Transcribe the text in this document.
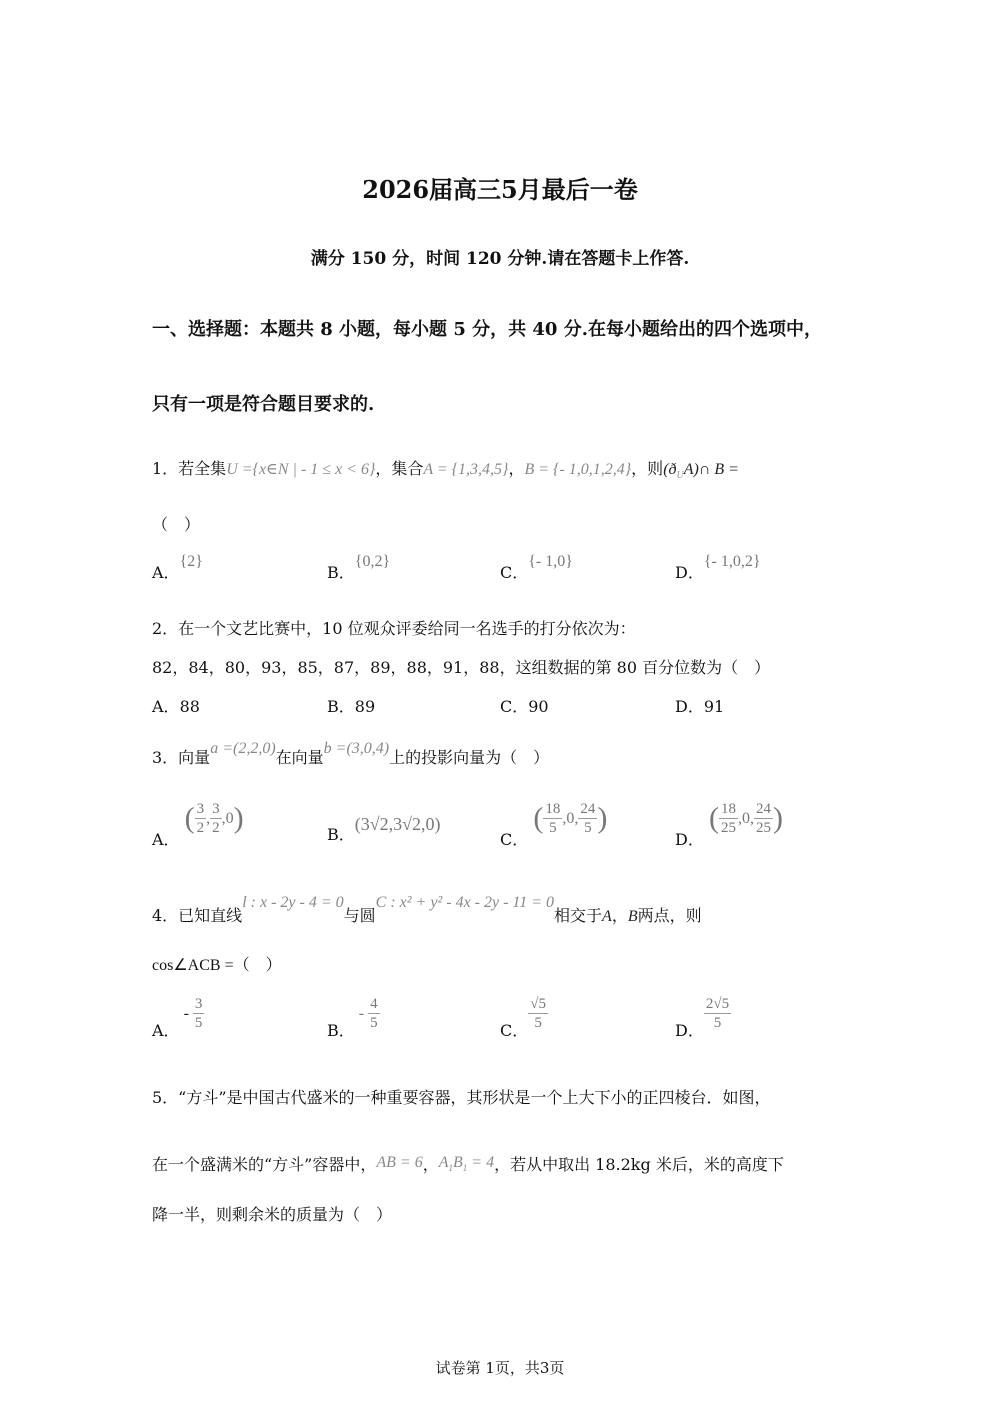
2026届高三5月最后一卷
满分 150 分，时间 120 分钟.请在答题卡上作答.
一、选择题：本题共 8 小题，每小题 5 分，共 40 分.在每小题给出的四个选项中，
只有一项是符合题目要求的.
1．若全集U ={x∈N | - 1 ≤ x < 6}，集合A = {1,3,4,5}，B = {- 1,0,1,2,4}，则$(ð_UA)\cap$ B =
（　）
A．{2}
B．{0,2}
C．{- 1,0}
D．{- 1,0,2}
2．在一个文艺比赛中，10 位观众评委给同一名选手的打分依次为：
82，84，80，93，85，87，89，88，91，88，这组数据的第 80 百分位数为（　）
A．88	B．89	C．90	D．91
3．向量a =(2,2,0)在向量b =(3,0,4)上的投影向量为（　）
A． ( $\frac{3}{2}$ , $\frac{3}{2} ,0$)	B．(3√2,3√2,0)
C． ( $\frac{18}{5} ,0$, $\frac{24}{5}$ )
D． ( $\frac{18}{25} ,0$, $\frac{24}{25}$ )
4．已知直线l : x - 2y - 4 = 0与圆C : x² + y² - 4x - 2y - 11 = 0相交于A，B两点，则
cos∠ACB =（　）
A．- $\frac{3}{5}$	B．- $\frac{4}{5}$	C． $\frac{√5}{5}$	D． $\frac{2√5}{5}$
5．“方斗”是中国古代盛米的一种重要容器，其形状是一个上大下小的正四棱台．如图，
在一个盛满米的“方斗”容器中，AB = 6，$A_1B_1 = 4$，若从中取出 18.2kg 米后，米的高度下
降一半，则剩余米的质量为（　）
试卷第 1页，共3页
